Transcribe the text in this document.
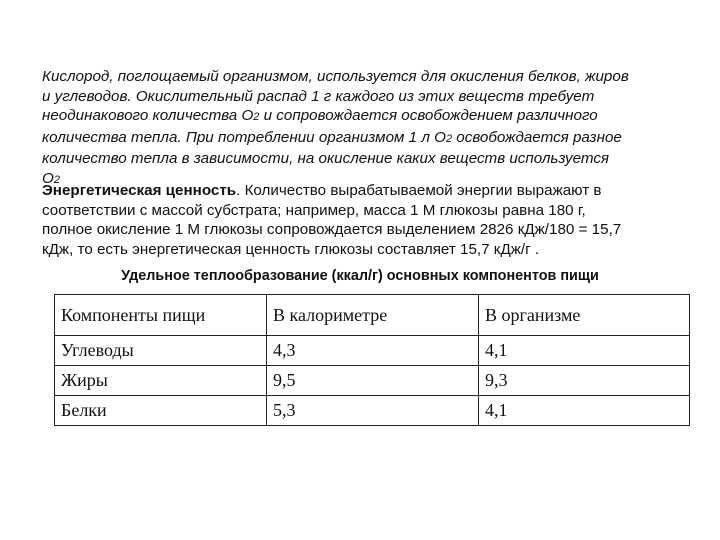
Кислород, поглощаемый организмом, используется для окисления белков, жиров
и углеводов. Окислительный распад 1 г каждого из этих веществ требует
неодинакового количества О2 и сопровождается освобождением различного
количества тепла. При потреблении организмом 1 л О2 освобождается разное
количество тепла в зависимости, на окисление каких веществ используется
О2
Энергетическая ценность. Количество вырабатываемой энергии выражают в
соответствии с массой субстрата; например, масса 1 М глюкозы равна 180 г,
полное окисление 1 М глюкозы сопровождается выделением 2826 кДж/180 = 15,7
кДж, то есть энергетическая ценность глюкозы составляет 15,7 кДж/г .
Удельное теплообразование (ккал/г) основных компонентов пищи
Компоненты пищи	В калориметре	В организме
Углеводы	4,3	4,1
Жиры	9,5	9,3
Белки	5,3	4,1
